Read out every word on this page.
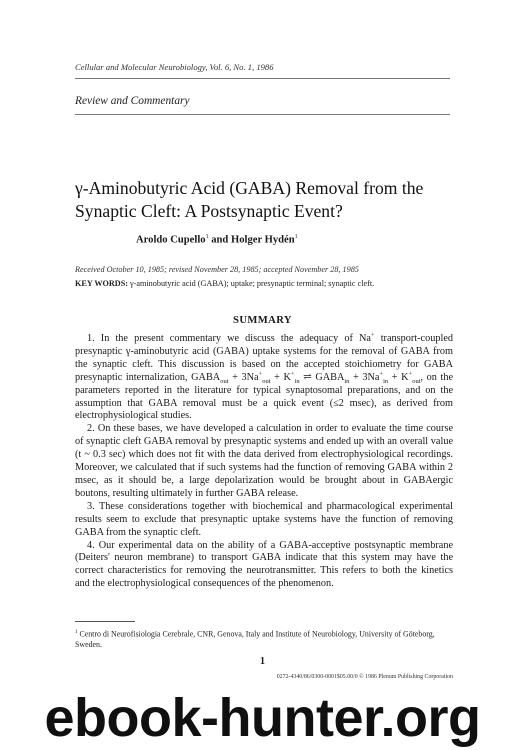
Cellular and Molecular Neurobiology, Vol. 6, No. 1, 1986
Review and Commentary
γ-Aminobutyric Acid (GABA) Removal from the Synaptic Cleft: A Postsynaptic Event?
Aroldo Cupello$^1$ and Holger Hydén$^1$
Received October 10, 1985; revised November 28, 1985; accepted November 28, 1985
KEY WORDS: γ-aminobutyric acid (GABA); uptake; presynaptic terminal; synaptic cleft.
SUMMARY

1. In the present commentary we discuss the adequacy of Na+ transport-coupled presynaptic γ-aminobutyric acid (GABA) uptake systems for the removal of GABA from the synaptic cleft. This discussion is based on the accepted stoichiometry for GABA presynaptic internalization, $GABA_{out} + 3Na^+_{out} + K^+_{in}$ ⇌ $GABA_{in} + 3Na^+_{in} + K^+_{out}$, on the parameters reported in the literature for typical synaptosomal preparations, and on the assumption that GABA removal must be a quick event (≤2 msec), as derived from electrophysiological studies.

2. On these bases, we have developed a calculation in order to evaluate the time course of synaptic cleft GABA removal by presynaptic systems and ended up with an overall value (t ~ 0.3 sec) which does not fit with the data derived from electrophysiological recordings. Moreover, we calculated that if such systems had the function of removing GABA within 2 msec, as it should be, a large depolarization would be brought about in GABAergic boutons, resulting ultimately in further GABA release.

3. These considerations together with biochemical and pharmacological experimental results seem to exclude that presynaptic uptake systems have the function of removing GABA from the synaptic cleft.

4. Our experimental data on the ability of a GABA-acceptive postsynaptic membrane (Deiters' neuron membrane) to transport GABA indicate that this system may have the correct characteristics for removing the neurotransmitter. This refers to both the kinetics and the electrophysiological consequences of the phenomenon.

$^1$ Centro di Neurofisiologia Cerebrale, CNR, Genova, Italy and Institute of Neurobiology, University of Göteborg, Sweden.
1
0272-4340/86/0300-0001$05.00/0 © 1986 Plenum Publishing Corporation
ebook-hunter.org
